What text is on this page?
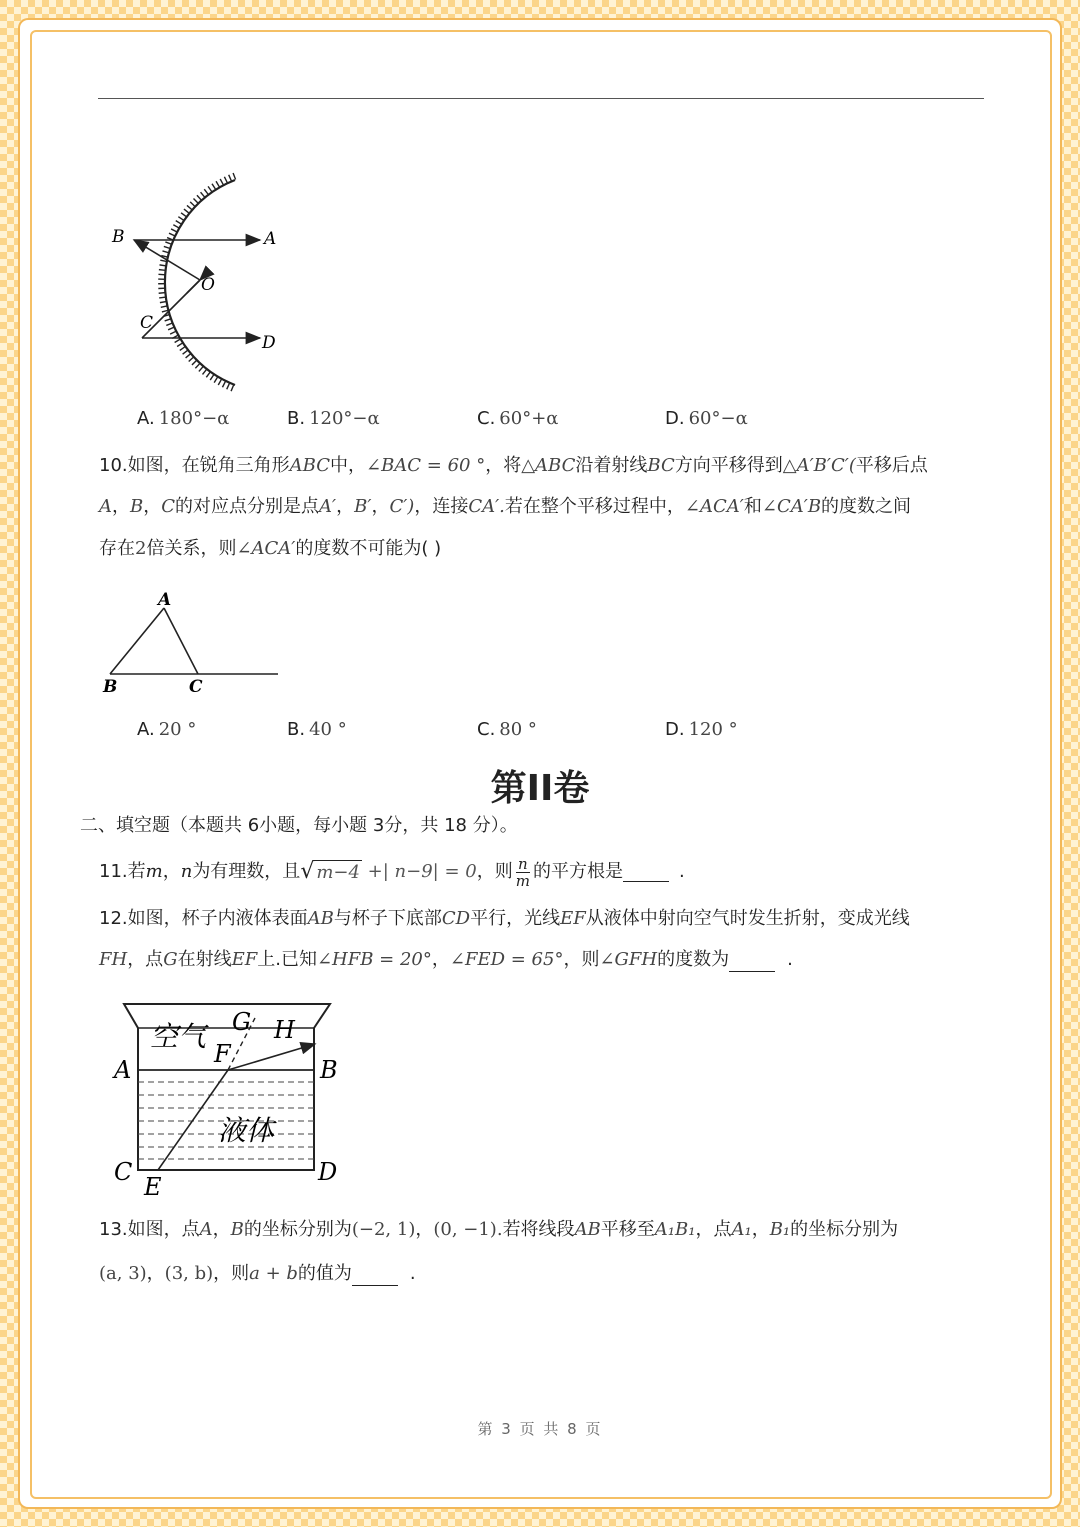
B	A
O
C
D
A. 180°−α	B. 120°−α	C. 60°+α	D. 60°−α
10.如图，在锐角三角形ABC中，∠BAC = 60 °，将△ABC沿着射线BC方向平移得到△A′B′C′(平移后点
A，B，C的对应点分别是点A′，B′，C′)，连接CA′.若在整个平移过程中，∠ACA′和∠CA′B的度数之间
存在2倍关系，则∠ACA′的度数不可能为( )
A
B	C
A. 20 °	B. 40 °	C. 80 °	D. 120 °
第II卷
二、填空题（本题共 6小题，每小题 3分，共 18 分）。
11.若 m ， n 为有理数，且 √ m−4 +| n−9| = 0 ，则 $\frac{n}{m}$ 的平方根是	.
12.如图，杯子内液体表面AB与杯子下底部CD平行，光线EF从液体中射向空气时发生折射，变成光线
FH，点G在射线EF上.已知∠HFB = 20°，∠FED = 65°，则∠GFH的度数为	.
空气
液体
A	B
C	D
E
F
G H
13.如图，点A，B的坐标分别为(−2, 1)，(0, −1).若将线段AB平移至A₁B₁，点A₁，B₁的坐标分别为
(a, 3)，(3, b)，则a + b的值为	.
第 3 页 共 8 页
